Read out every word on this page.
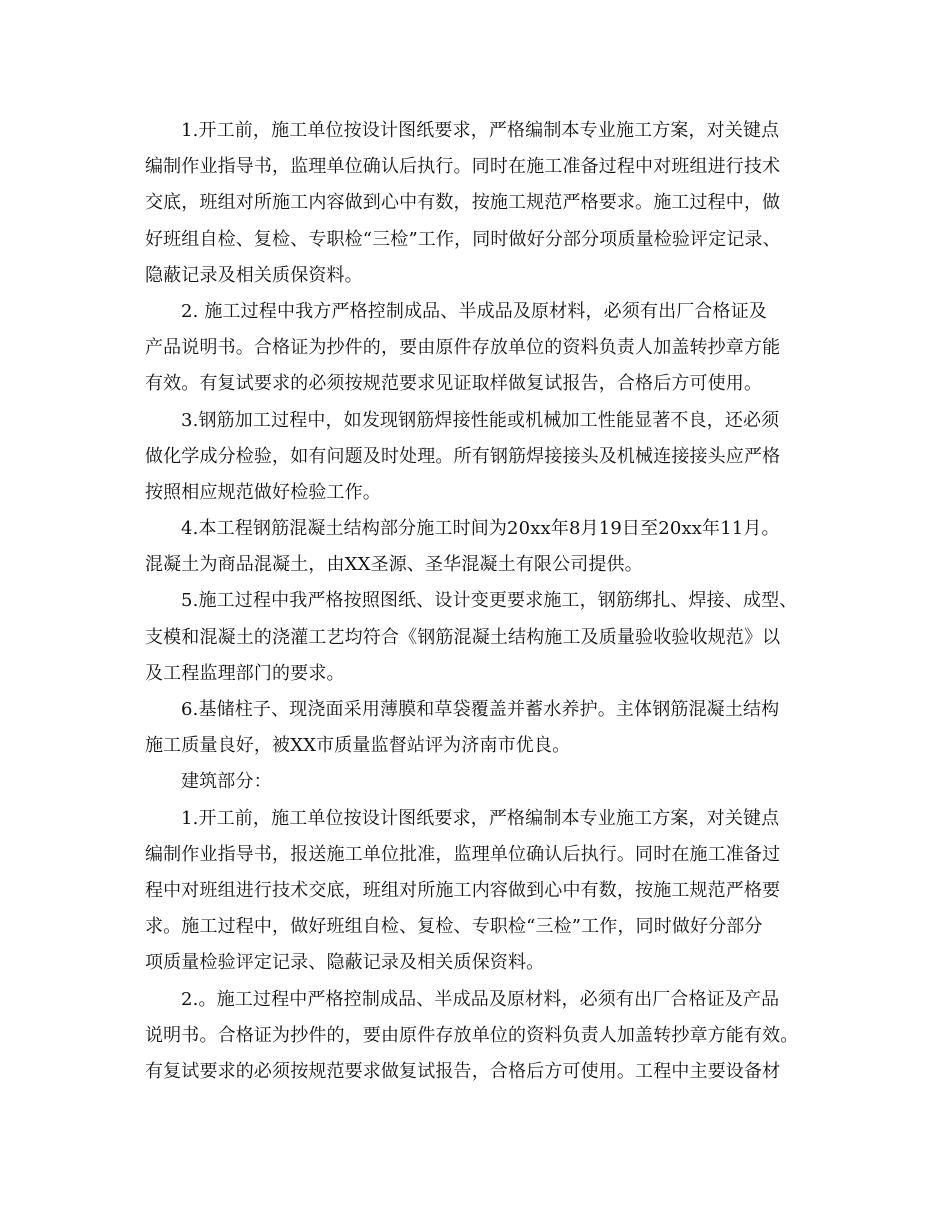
1.开工前，施工单位按设计图纸要求，严格编制本专业施工方案，对关键点
编制作业指导书，监理单位确认后执行。同时在施工准备过程中对班组进行技术
交底，班组对所施工内容做到心中有数，按施工规范严格要求。施工过程中，做
好班组自检、复检、专职检“三检”工作，同时做好分部分项质量检验评定记录、
隐蔽记录及相关质保资料。
2. 施工过程中我方严格控制成品、半成品及原材料，必须有出厂合格证及
产品说明书。合格证为抄件的，要由原件存放单位的资料负责人加盖转抄章方能
有效。有复试要求的必须按规范要求见证取样做复试报告，合格后方可使用。
3.钢筋加工过程中，如发现钢筋焊接性能或机械加工性能显著不良，还必须
做化学成分检验，如有问题及时处理。所有钢筋焊接接头及机械连接接头应严格
按照相应规范做好检验工作。
4.本工程钢筋混凝土结构部分施工时间为20xx年8月19日至20xx年11月。
混凝土为商品混凝土，由XX圣源、圣华混凝土有限公司提供。
5.施工过程中我严格按照图纸、设计变更要求施工，钢筋绑扎、焊接、成型、
支模和混凝土的浇灌工艺均符合《钢筋混凝土结构施工及质量验收验收规范》以
及工程监理部门的要求。
6.基储柱子、现浇面采用薄膜和草袋覆盖并蓄水养护。主体钢筋混凝土结构
施工质量良好，被XX市质量监督站评为济南市优良。
建筑部分：
1.开工前，施工单位按设计图纸要求，严格编制本专业施工方案，对关键点
编制作业指导书，报送施工单位批准，监理单位确认后执行。同时在施工准备过
程中对班组进行技术交底，班组对所施工内容做到心中有数，按施工规范严格要
求。施工过程中，做好班组自检、复检、专职检“三检”工作，同时做好分部分
项质量检验评定记录、隐蔽记录及相关质保资料。
2.。施工过程中严格控制成品、半成品及原材料，必须有出厂合格证及产品
说明书。合格证为抄件的，要由原件存放单位的资料负责人加盖转抄章方能有效。
有复试要求的必须按规范要求做复试报告，合格后方可使用。工程中主要设备材
